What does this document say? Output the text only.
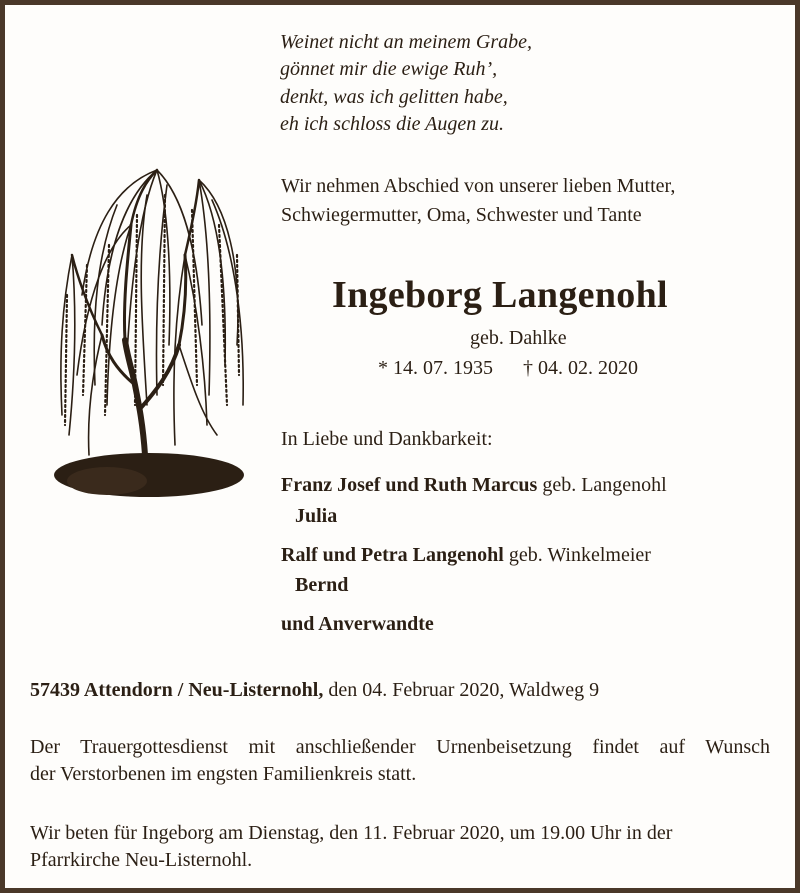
Weinet nicht an meinem Grabe,
gönnet mir die ewige Ruh’,
denkt, was ich gelitten habe,
eh ich schloss die Augen zu.
Wir nehmen Abschied von unserer lieben Mutter,
Schwiegermutter, Oma, Schwester und Tante
Ingeborg Langenohl
geb. Dahlke
* 14. 07. 1935 † 04. 02. 2020
In Liebe und Dankbarkeit:
Franz Josef und Ruth Marcus geb. Langenohl
Julia
Ralf und Petra Langenohl geb. Winkelmeier
Bernd
und Anverwandte
57439 Attendorn / Neu-Listernohl, den 04. Februar 2020, Waldweg 9
Der Trauergottesdienst mit anschließender Urnenbeisetzung findet auf Wunsch
der Verstorbenen im engsten Familienkreis statt.
Wir beten für Ingeborg am Dienstag, den 11. Februar 2020, um 19.00 Uhr in der
Pfarrkirche Neu-Listernohl.
